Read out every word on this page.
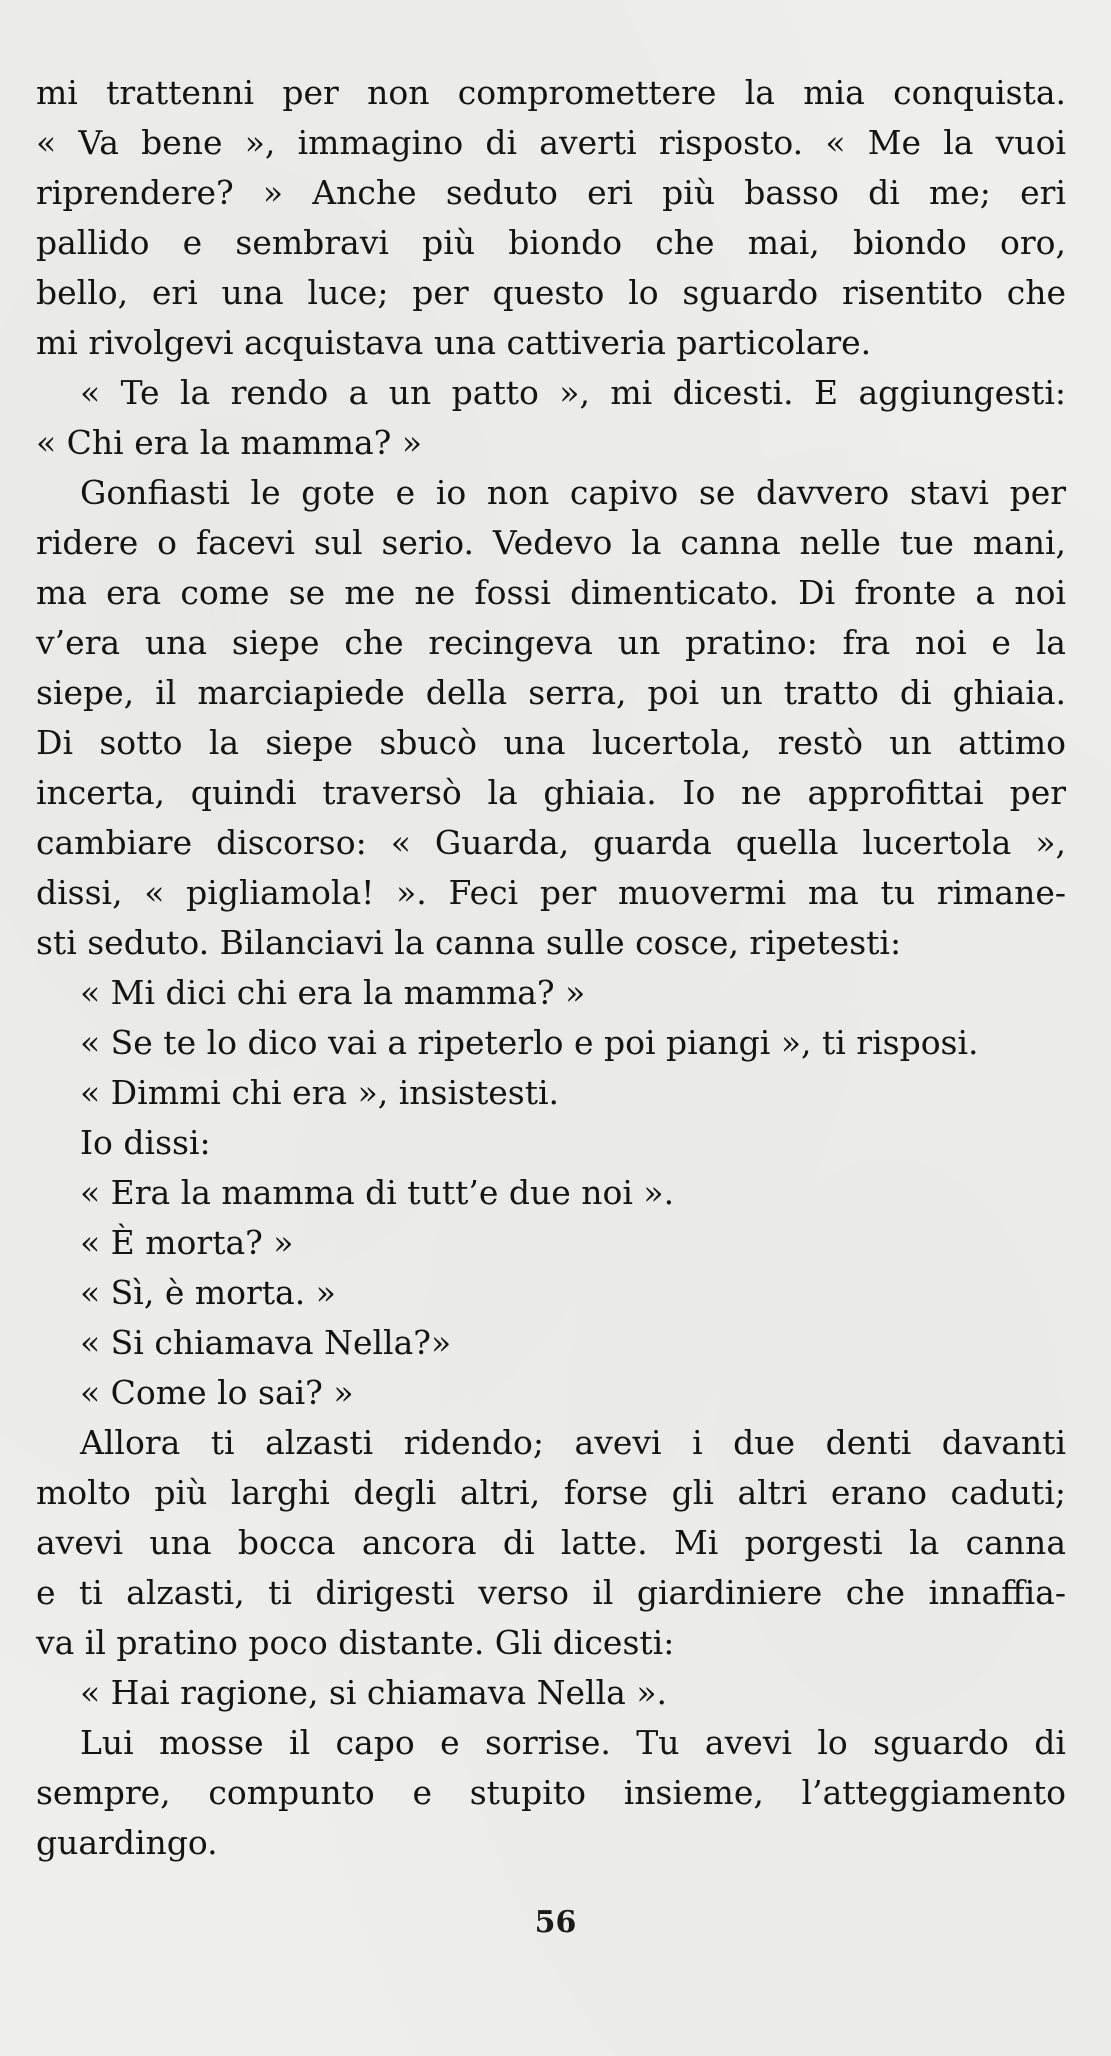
mi trattenni per non compromettere la mia conquista.
« Va bene », immagino di averti risposto. « Me la vuoi
riprendere? » Anche seduto eri più basso di me; eri
pallido e sembravi più biondo che mai, biondo oro,
bello, eri una luce; per questo lo sguardo risentito che
mi rivolgevi acquistava una cattiveria particolare.
« Te la rendo a un patto », mi dicesti. E aggiungesti:
« Chi era la mamma? »
Gonfiasti le gote e io non capivo se davvero stavi per
ridere o facevi sul serio. Vedevo la canna nelle tue mani,
ma era come se me ne fossi dimenticato. Di fronte a noi
v’era una siepe che recingeva un pratino: fra noi e la
siepe, il marciapiede della serra, poi un tratto di ghiaia.
Di sotto la siepe sbucò una lucertola, restò un attimo
incerta, quindi traversò la ghiaia. Io ne approfittai per
cambiare discorso: « Guarda, guarda quella lucertola »,
dissi, « pigliamola! ». Feci per muovermi ma tu rimane-
sti seduto. Bilanciavi la canna sulle cosce, ripetesti:
« Mi dici chi era la mamma? »
« Se te lo dico vai a ripeterlo e poi piangi », ti risposi.
« Dimmi chi era », insistesti.
Io dissi:
« Era la mamma di tutt’e due noi ».
« È morta? »
« Sì, è morta. »
« Si chiamava Nella?»
« Come lo sai? »
Allora ti alzasti ridendo; avevi i due denti davanti
molto più larghi degli altri, forse gli altri erano caduti;
avevi una bocca ancora di latte. Mi porgesti la canna
e ti alzasti, ti dirigesti verso il giardiniere che innaffia-
va il pratino poco distante. Gli dicesti:
« Hai ragione, si chiamava Nella ».
Lui mosse il capo e sorrise. Tu avevi lo sguardo di
sempre, compunto e stupito insieme, l’atteggiamento
guardingo.
56
